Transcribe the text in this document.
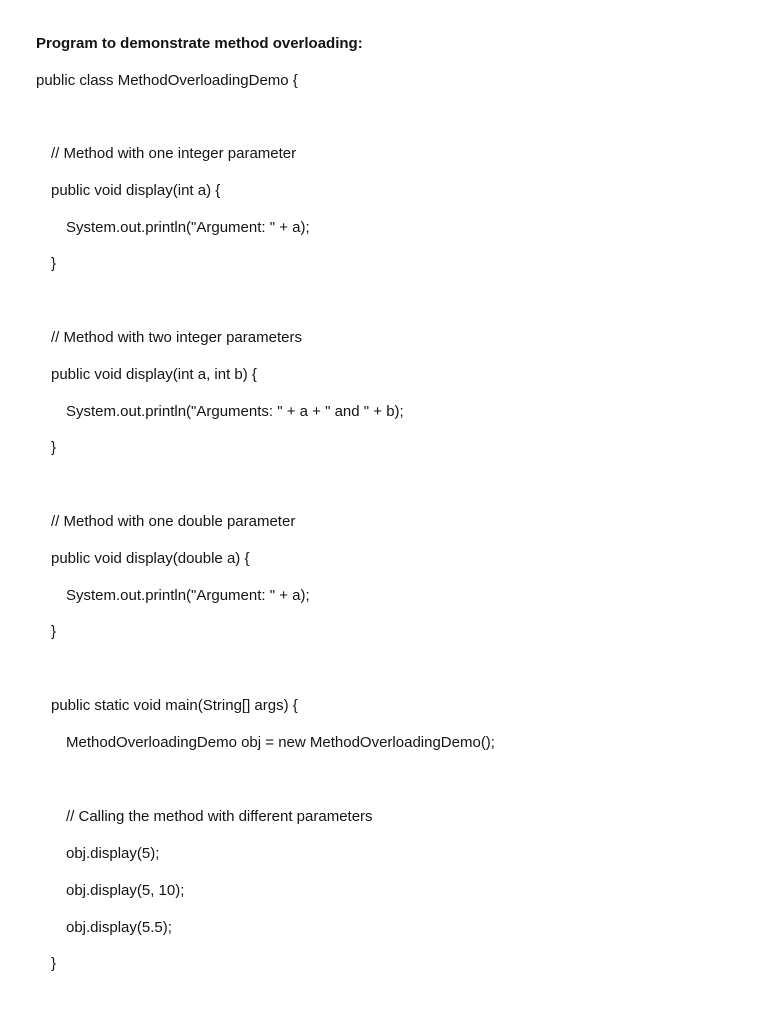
Program to demonstrate method overloading:
public class MethodOverloadingDemo {
// Method with one integer parameter
public void display(int a) {
System.out.println("Argument: " + a);
}
// Method with two integer parameters
public void display(int a, int b) {
System.out.println("Arguments: " + a + " and " + b);
}
// Method with one double parameter
public void display(double a) {
System.out.println("Argument: " + a);
}
public static void main(String[] args) {
MethodOverloadingDemo obj = new MethodOverloadingDemo();
// Calling the method with different parameters
obj.display(5);
obj.display(5, 10);
obj.display(5.5);
}
